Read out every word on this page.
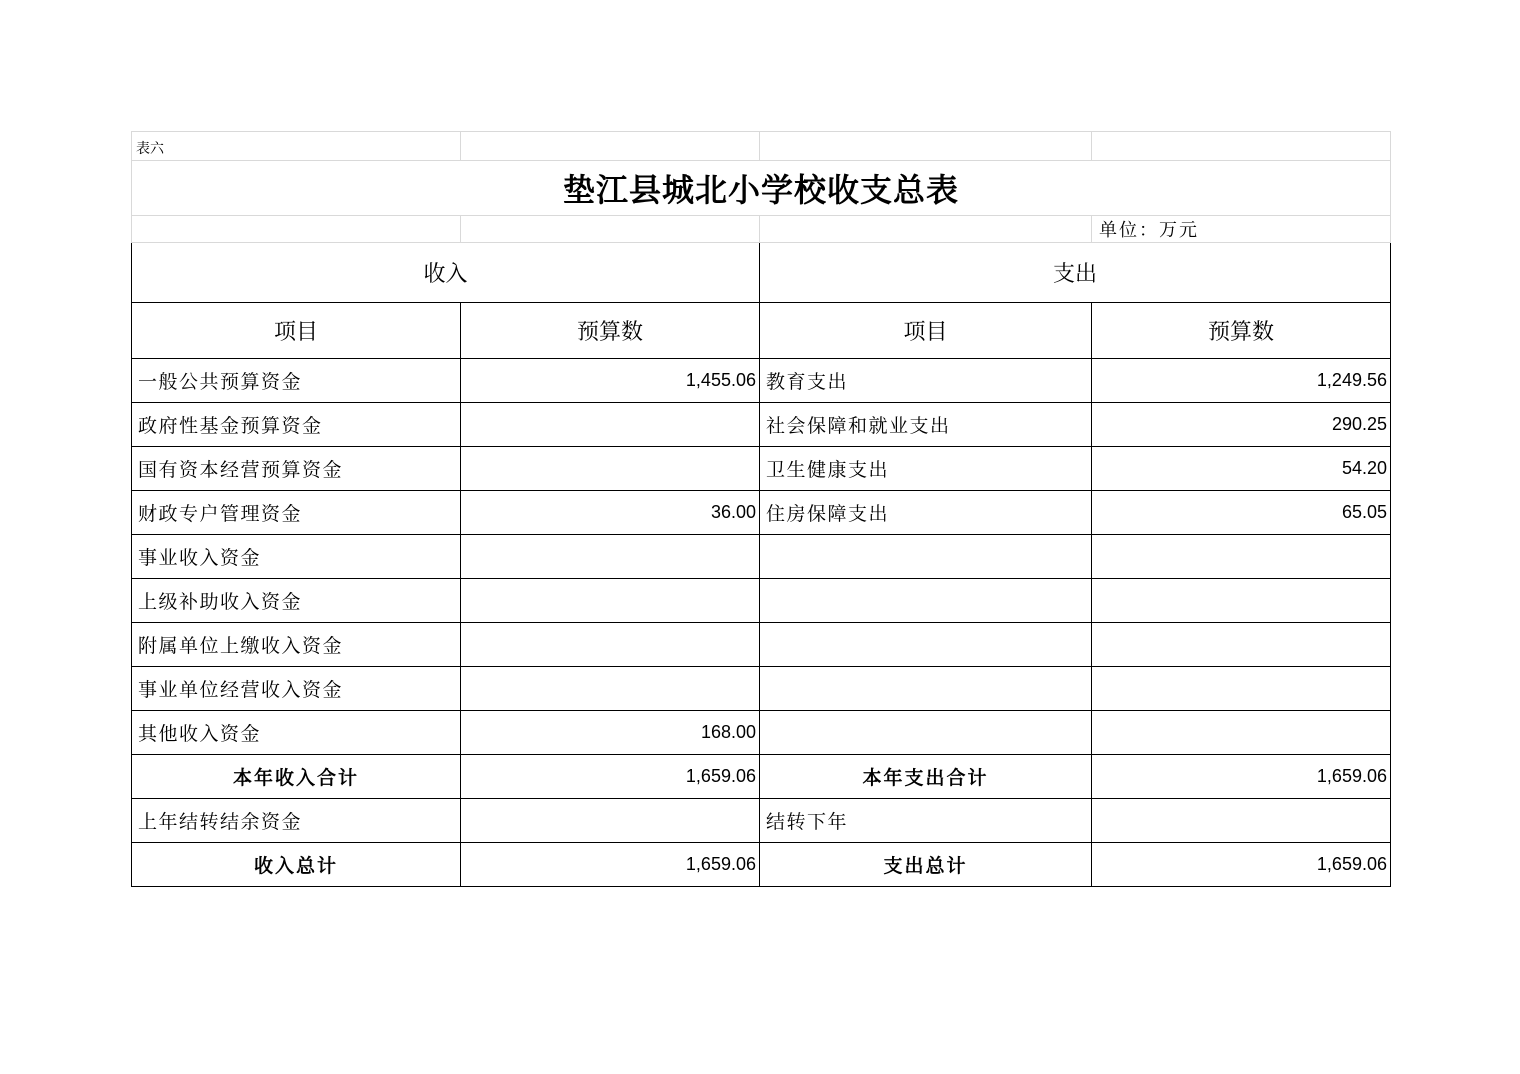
表六			
垫江县城北小学校收支总表			
			单位：万元
收入		支出	
项目	预算数	项目	预算数
一般公共预算资金	1,455.06	教育支出	1,249.56
政府性基金预算资金		社会保障和就业支出	290.25
国有资本经营预算资金		卫生健康支出	54.20
财政专户管理资金	36.00	住房保障支出	65.05
事业收入资金			
上级补助收入资金			
附属单位上缴收入资金			
事业单位经营收入资金			
其他收入资金	168.00		
本年收入合计	1,659.06	本年支出合计	1,659.06
上年结转结余资金		结转下年	
收入总计	1,659.06	支出总计	1,659.06
